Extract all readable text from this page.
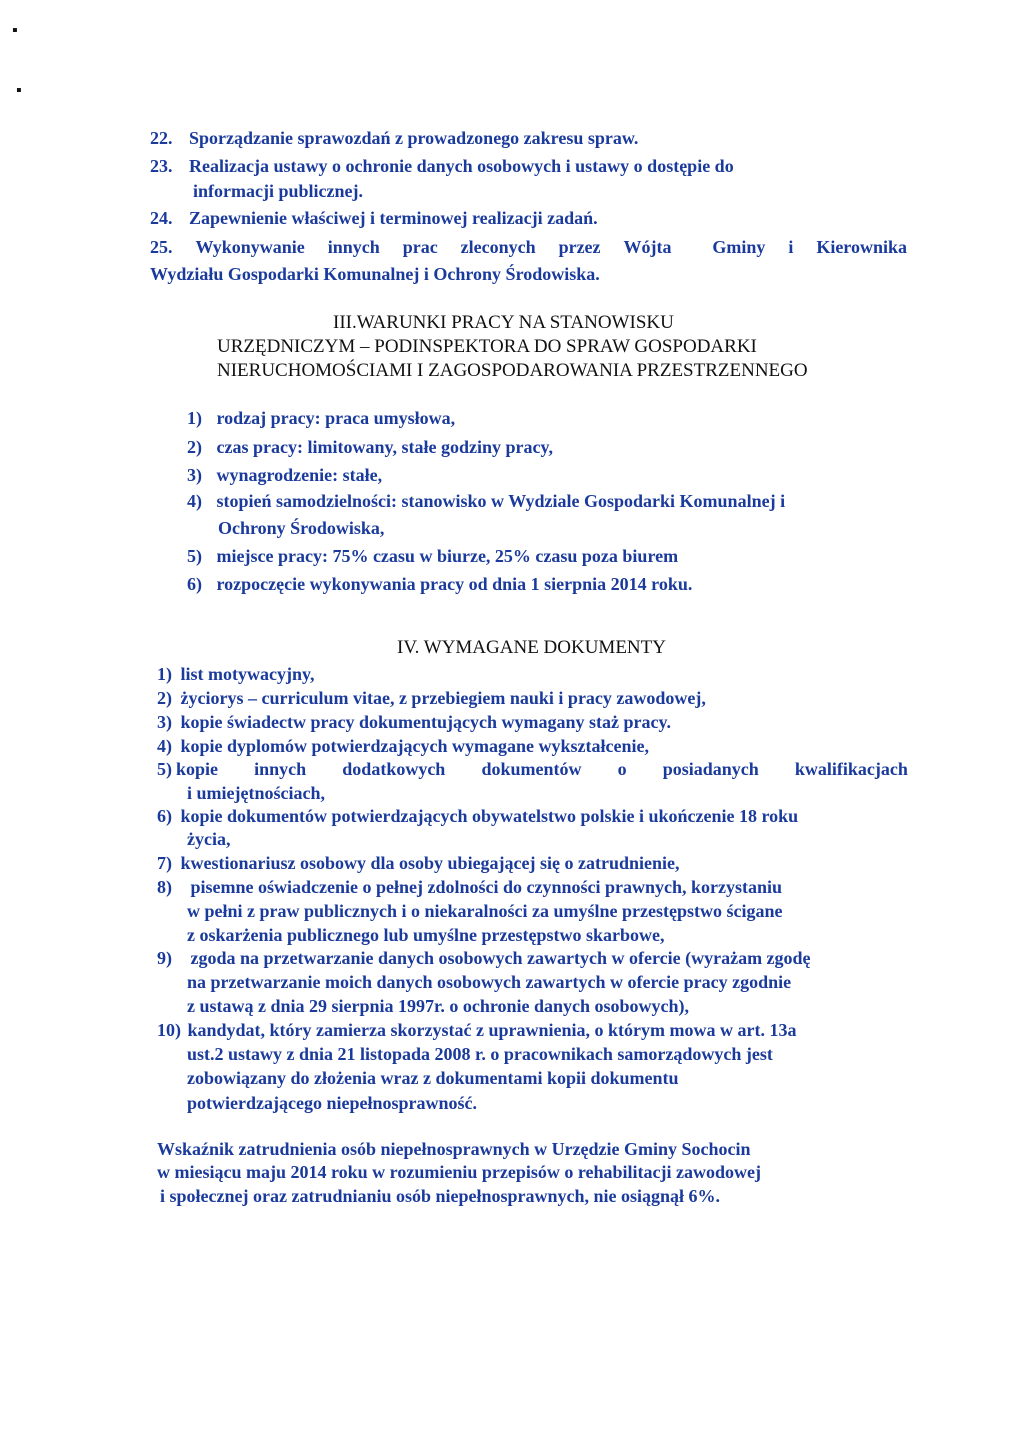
▪
▪
22. Sporządzanie sprawozdań z prowadzonego zakresu spraw.
23. Realizacja ustawy o ochronie danych osobowych i ustawy o dostępie do
informacji publicznej.
24. Zapewnienie właściwej i terminowej realizacji zadań.
25. Wykonywanie innych prac zleconych przez Wójta Gminy i Kierownika
Wydziału Gospodarki Komunalnej i Ochrony Środowiska.
III.WARUNKI PRACY NA STANOWISKU
URZĘDNICZYM – PODINSPEKTORA DO SPRAW GOSPODARKI
NIERUCHOMOŚCIAMI I ZAGOSPODAROWANIA PRZESTRZENNEGO
1) rodzaj pracy: praca umysłowa,
2) czas pracy: limitowany, stałe godziny pracy,
3) wynagrodzenie: stałe,
4) stopień samodzielności: stanowisko w Wydziale Gospodarki Komunalnej i
Ochrony Środowiska,
5) miejsce pracy: 75% czasu w biurze, 25% czasu poza biurem
6) rozpoczęcie wykonywania pracy od dnia 1 sierpnia 2014 roku.
IV. WYMAGANE DOKUMENTY
1) list motywacyjny,
2) życiorys – curriculum vitae, z przebiegiem nauki i pracy zawodowej,
3) kopie świadectw pracy dokumentujących wymagany staż pracy.
4) kopie dyplomów potwierdzających wymagane wykształcenie,
5) kopie innych dodatkowych dokumentów o posiadanych kwalifikacjach
i umiejętnościach,
6) kopie dokumentów potwierdzających obywatelstwo polskie i ukończenie 18 roku
życia,
7) kwestionariusz osobowy dla osoby ubiegającej się o zatrudnienie,
8) pisemne oświadczenie o pełnej zdolności do czynności prawnych, korzystaniu
w pełni z praw publicznych i o niekaralności za umyślne przestępstwo ścigane
z oskarżenia publicznego lub umyślne przestępstwo skarbowe,
9) zgoda na przetwarzanie danych osobowych zawartych w ofercie (wyrażam zgodę
na przetwarzanie moich danych osobowych zawartych w ofercie pracy zgodnie
z ustawą z dnia 29 sierpnia 1997r. o ochronie danych osobowych),
10) kandydat, który zamierza skorzystać z uprawnienia, o którym mowa w art. 13a
ust.2 ustawy z dnia 21 listopada 2008 r. o pracownikach samorządowych jest
zobowiązany do złożenia wraz z dokumentami kopii dokumentu
potwierdzającego niepełnosprawność.
Wskaźnik zatrudnienia osób niepełnosprawnych w Urzędzie Gminy Sochocin
w miesiącu maju 2014 roku w rozumieniu przepisów o rehabilitacji zawodowej
i społecznej oraz zatrudnianiu osób niepełnosprawnych, nie osiągnął 6%.
